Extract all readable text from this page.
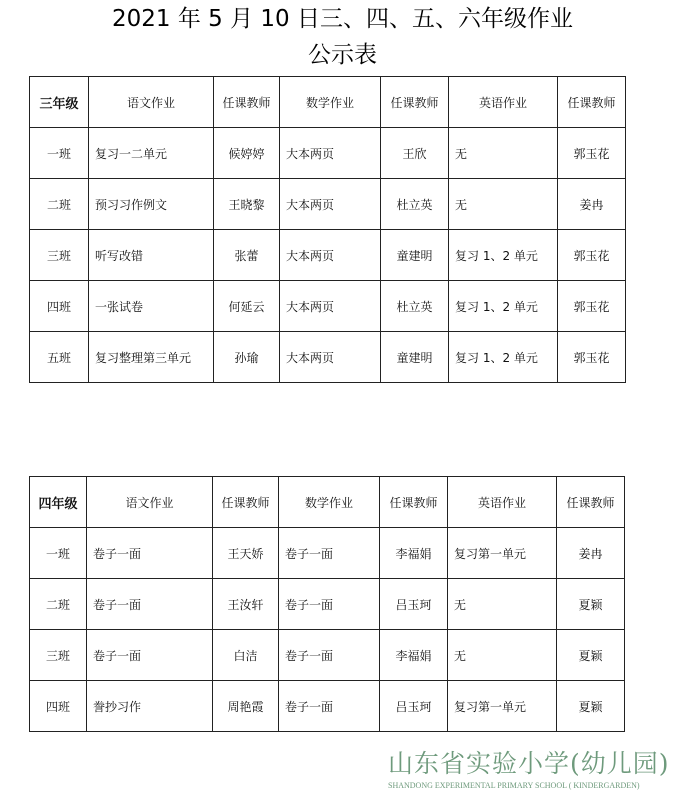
2021 年 5 月 10 日三、四、五、六年级作业
公示表
三年级	语文作业	任课教师	数学作业	任课教师	英语作业	任课教师
一班	复习一二单元	候婷婷	大本两页	王欣	无	郭玉花
二班	预习习作例文	王晓黎	大本两页	杜立英	无	姜冉
三班	听写改错	张蕾	大本两页	童建明	复习 1、2 单元	郭玉花
四班	一张试卷	何延云	大本两页	杜立英	复习 1、2 单元	郭玉花
五班	复习整理第三单元	孙瑜	大本两页	童建明	复习 1、2 单元	郭玉花
四年级	语文作业	任课教师	数学作业	任课教师	英语作业	任课教师
一班	卷子一面	王天娇	卷子一面	李福娟	复习第一单元	姜冉
二班	卷子一面	王汝轩	卷子一面	吕玉珂	无	夏颖
三班	卷子一面	白洁	卷子一面	李福娟	无	夏颖
四班	誊抄习作	周艳霞	卷子一面	吕玉珂	复习第一单元	夏颖
山东省实验小学(幼儿园)
SHANDONG EXPERIMENTAL PRIMARY SCHOOL ( KINDERGARDEN)
